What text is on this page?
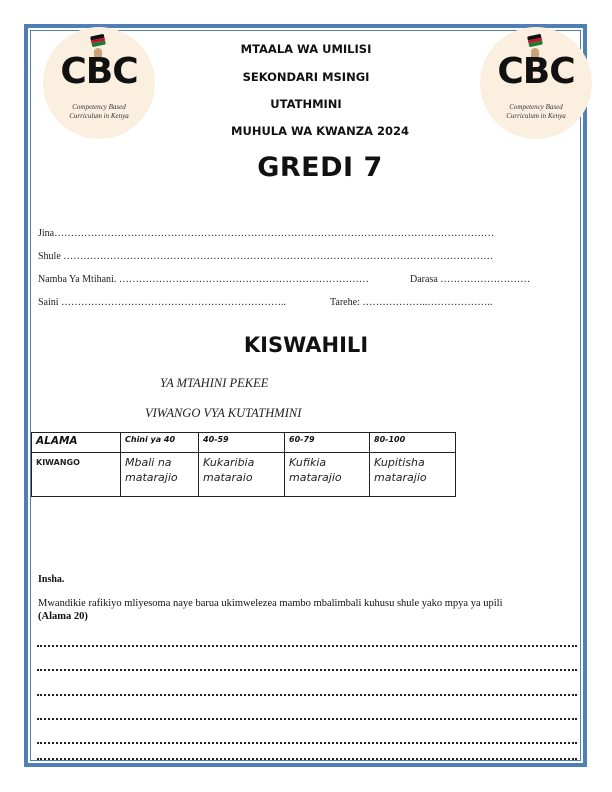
CBC
Competency Based
Curriculum in Kenya
CBC
Competency Based
Curriculum in Kenya
MTAALA WA UMILISI
SEKONDARI MSINGI
UTATHMINI
MUHULA WA KWANZA 2024
GREDI 7
Jina……………………………………………………………………………………………………………………
Shule …………………………………………………………………………………………………………………
Namba Ya Mtihani. …………………………………………………………………	Darasa ………………………
Saini …………………………………………………………..	Tarehe: ………………..………………..
KISWAHILI
YA MTAHINI PEKEE
VIWANGO VYA KUTATHMINI
ALAMA	Chini ya 40	40-59	60-79	80-100
KIWANGO	Mbali na matarajio	Kukaribia mataraio	Kufikia matarajio	Kupitisha matarajio
Insha.
Mwandikie rafikiyo mliyesoma naye barua ukimwelezea mambo mbalimbali kuhusu shule yako mpya ya upili
(Alama 20)
